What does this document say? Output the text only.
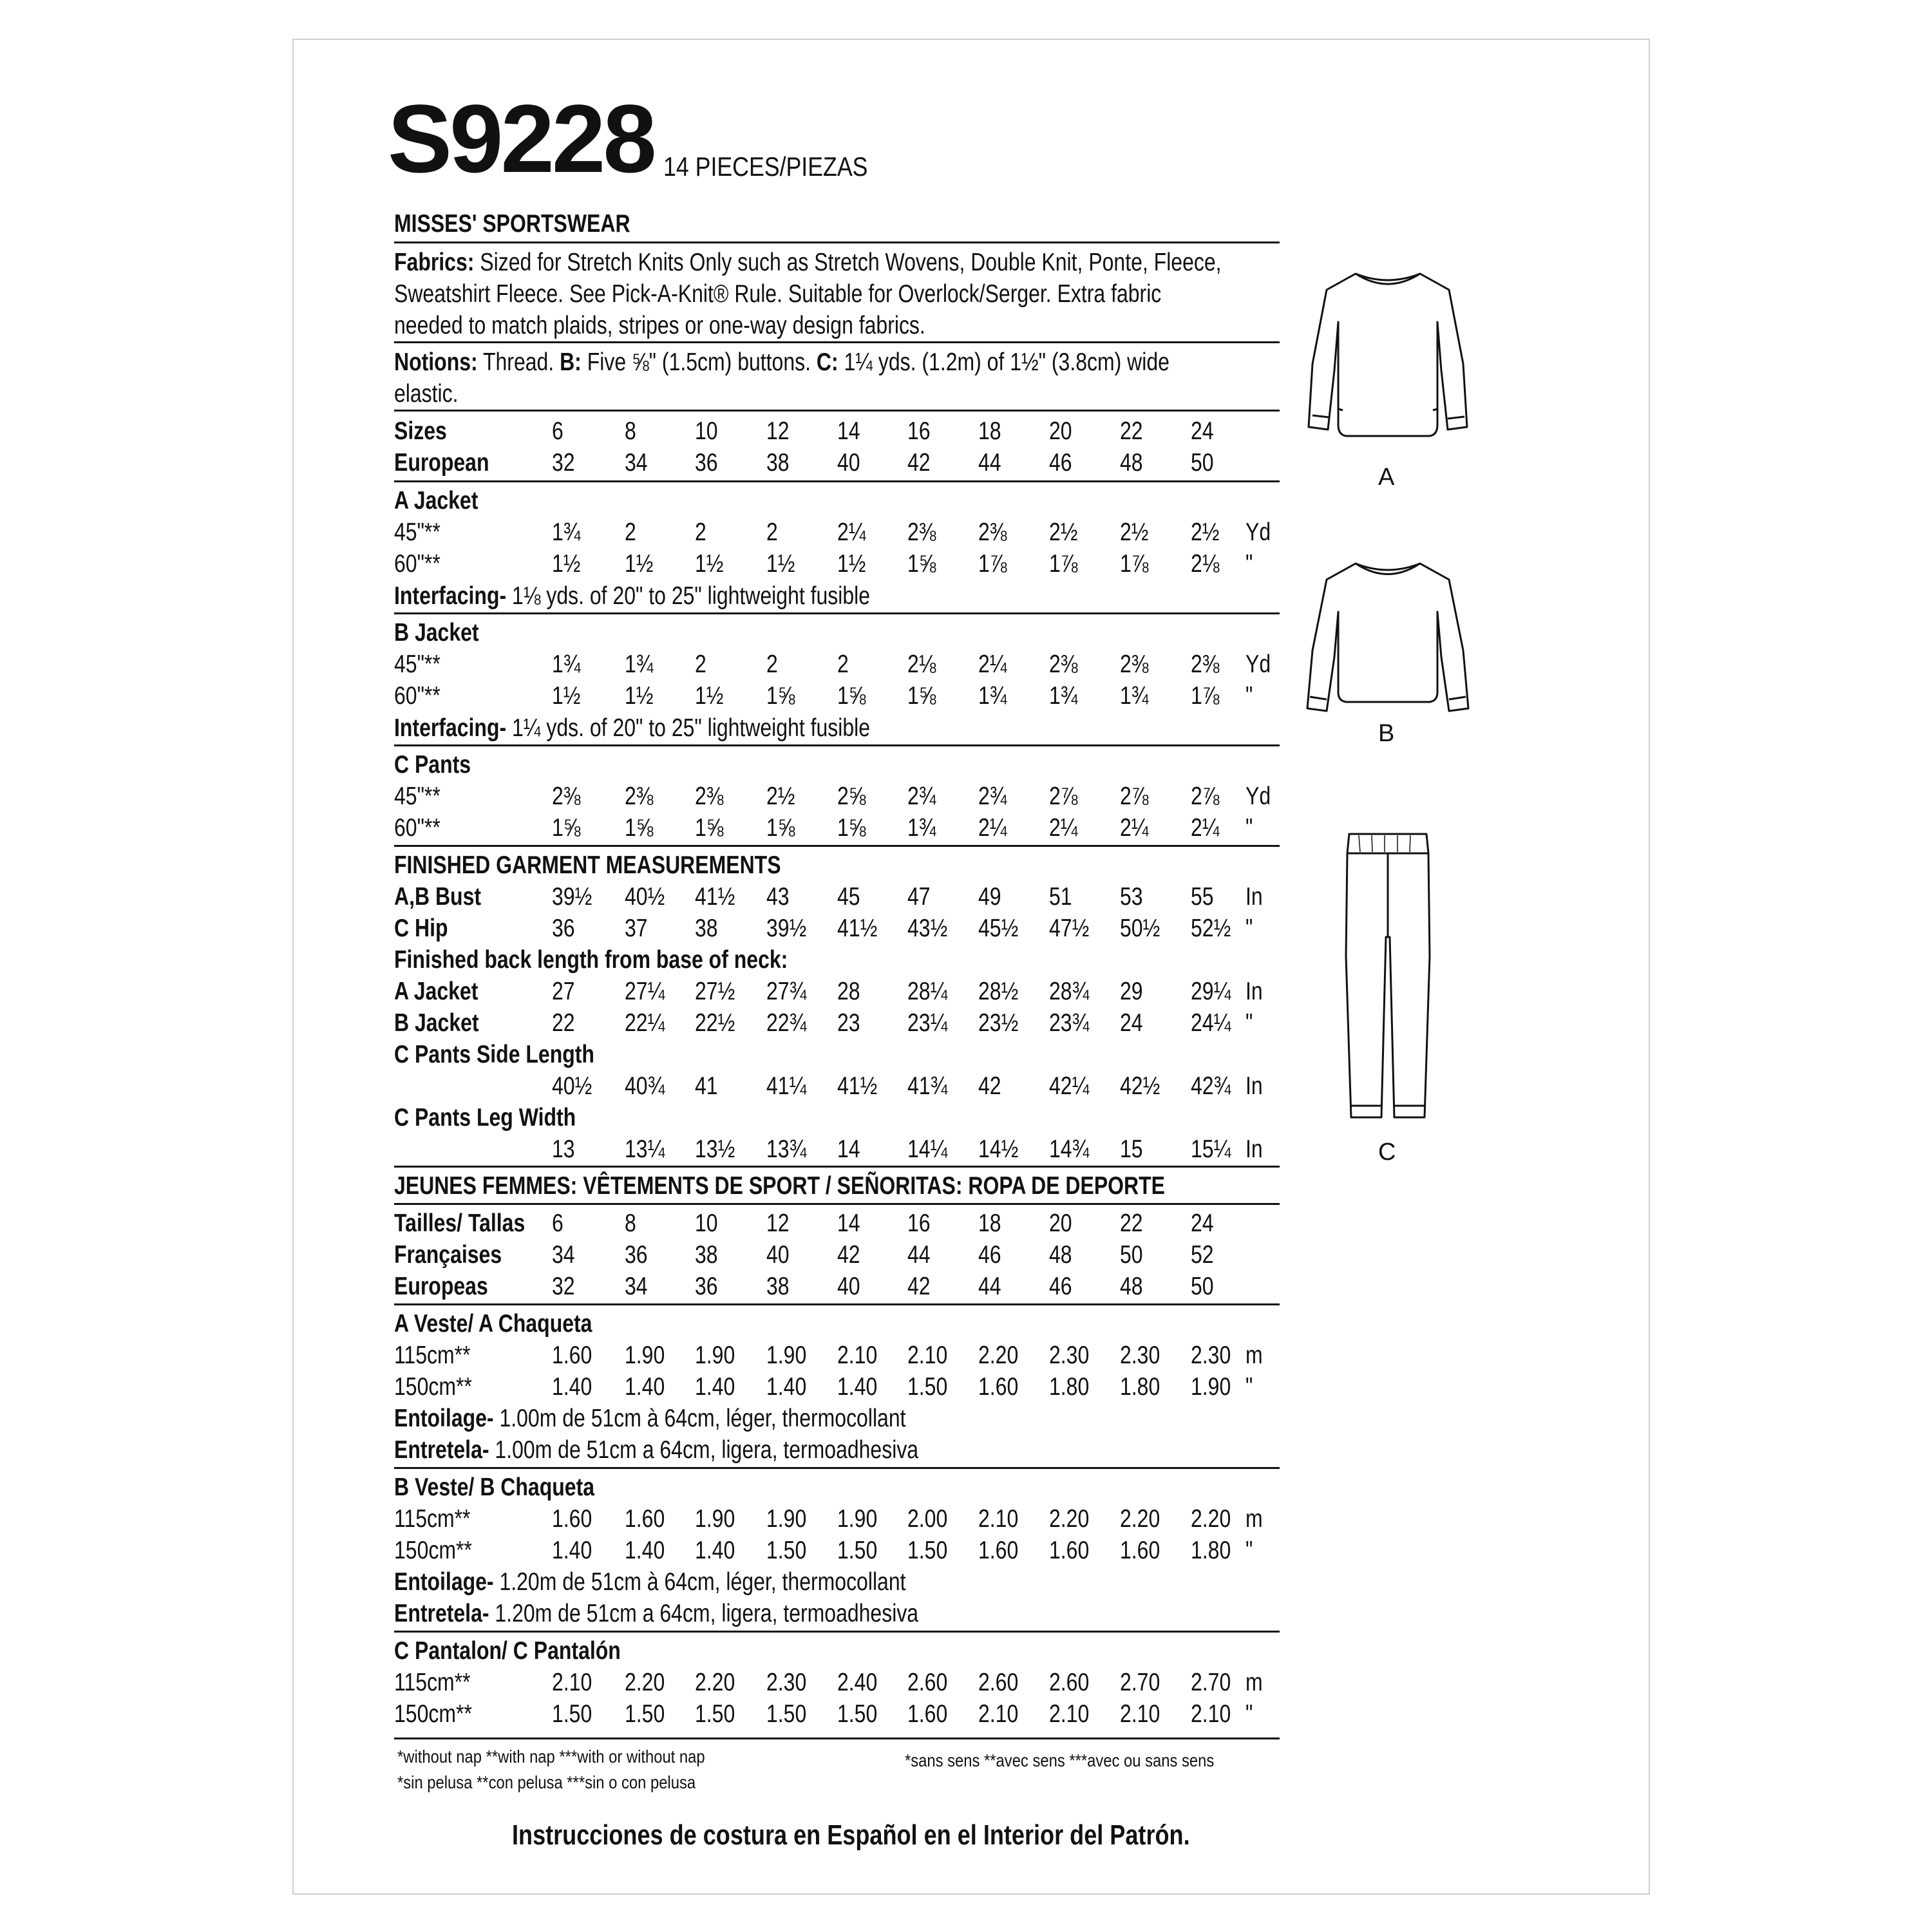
S9228 14 PIECES/PIEZAS
MISSES' SPORTSWEAR
Fabrics: Sized for Stretch Knits Only such as Stretch Wovens, Double Knit, Ponte, Fleece,
Sweatshirt Fleece. See Pick-A-Knit® Rule. Suitable for Overlock/Serger. Extra fabric
needed to match plaids, stripes or one-way design fabrics.
Notions: Thread. B: Five ⅝" (1.5cm) buttons. C: 1¼ yds. (1.2m) of 1½" (3.8cm) wide
elastic.
Sizes	6 8 10 12 14 16 18 20 22 24
European	32 34 36 38 40 42 44 46 48 50
A Jacket
45"**	1¾ 2 2 2 2¼ 2⅜ 2⅜ 2½ 2½ 2½ Yd
60"**	1½ 1½ 1½ 1½ 1½ 1⅝ 1⅞ 1⅞ 1⅞ 2⅛ "
Interfacing- 1⅛ yds. of 20" to 25" lightweight fusible
B Jacket
45"**	1¾ 1¾ 2 2 2 2⅛ 2¼ 2⅜ 2⅜ 2⅜ Yd
60"**	1½ 1½ 1½ 1⅝ 1⅝ 1⅝ 1¾ 1¾ 1¾ 1⅞ "
Interfacing- 1¼ yds. of 20" to 25" lightweight fusible
C Pants
45"**	2⅜ 2⅜ 2⅜ 2½ 2⅝ 2¾ 2¾ 2⅞ 2⅞ 2⅞ Yd
60"**	1⅝ 1⅝ 1⅝ 1⅝ 1⅝ 1¾ 2¼ 2¼ 2¼ 2¼ "
FINISHED GARMENT MEASUREMENTS
A,B Bust	39½ 40½ 41½ 43 45 47 49 51 53 55 In
C Hip	36 37 38 39½ 41½ 43½ 45½ 47½ 50½ 52½ "
Finished back length from base of neck:
A Jacket	27 27¼ 27½ 27¾ 28 28¼ 28½ 28¾ 29 29¼ In
B Jacket	22 22¼ 22½ 22¾ 23 23¼ 23½ 23¾ 24 24¼ "
C Pants Side Length
40½ 40¾ 41 41¼ 41½ 41¾ 42 42¼ 42½ 42¾ In
C Pants Leg Width
13 13¼ 13½ 13¾ 14 14¼ 14½ 14¾ 15 15¼ In
JEUNES FEMMES: VÊTEMENTS DE SPORT / SEÑORITAS: ROPA DE DEPORTE
Tailles/ Tallas 6 8 10 12 14 16 18 20 22 24
Françaises 34 36 38 40 42 44 46 48 50 52
Europeas	32 34 36 38 40 42 44 46 48 50
A Veste/ A Chaqueta
115cm**	1.60 1.90 1.90 1.90 2.10 2.10 2.20 2.30 2.30 2.30 m
150cm**	1.40 1.40 1.40 1.40 1.40 1.50 1.60 1.80 1.80 1.90 "
Entoilage- 1.00m de 51cm à 64cm, léger, thermocollant
Entretela- 1.00m de 51cm a 64cm, ligera, termoadhesiva
B Veste/ B Chaqueta
115cm**	1.60 1.60 1.90 1.90 1.90 2.00 2.10 2.20 2.20 2.20 m
150cm**	1.40 1.40 1.40 1.50 1.50 1.50 1.60 1.60 1.60 1.80 "
Entoilage- 1.20m de 51cm à 64cm, léger, thermocollant
Entretela- 1.20m de 51cm a 64cm, ligera, termoadhesiva
C Pantalon/ C Pantalón
115cm**	2.10 2.20 2.20 2.30 2.40 2.60 2.60 2.60 2.70 2.70 m
150cm**	1.50 1.50 1.50 1.50 1.50 1.60 2.10 2.10 2.10 2.10 "
*without nap **with nap ***with or without nap
*sin pelusa **con pelusa ***sin o con pelusa
*sans sens **avec sens ***avec ou sans sens
Instrucciones de costura en Español en el Interior del Patrón.
A
B
C
